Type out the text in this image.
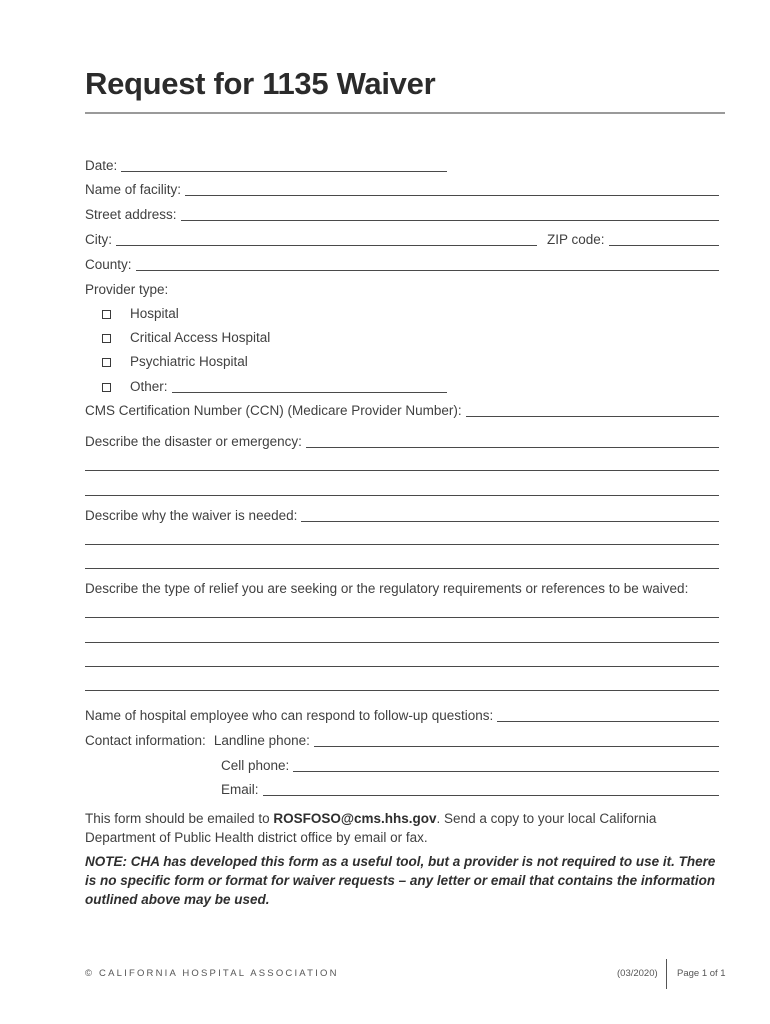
Request for 1135 Waiver
Date:
Name of facility:
Street address:
City:	ZIP code:
County:
Provider type:
Hospital
Critical Access Hospital
Psychiatric Hospital
Other:
CMS Certification Number (CCN) (Medicare Provider Number):
Describe the disaster or emergency:
Describe why the waiver is needed:
Describe the type of relief you are seeking or the regulatory requirements or references to be waived:
Name of hospital employee who can respond to follow-up questions:
Contact information: Landline phone:
Cell phone:
Email:

This form should be emailed to ROSFOSO@cms.hhs.gov. Send a copy to your local California Department of Public Health district office by email or fax.

NOTE: CHA has developed this form as a useful tool, but a provider is not required to use it. There is no specific form or format for waiver requests – any letter or email that contains the information outlined above may be used.

© CALIFORNIA HOSPITAL ASSOCIATION	(03/2020) Page 1 of 1
